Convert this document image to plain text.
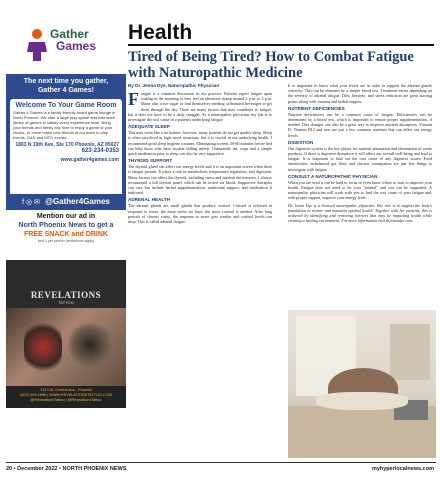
Gather
Games
The next time you gather,
Gather 4 Games!
Welcome To Your Game Room

Gather 4 Games is a family friendly board game lounge in North Phoenix. We offer a large play space and extensive library of games to satisfy every experience level. Bring your friends and family any time to enjoy a game of your choice, or come make new friends at our learn to play events, D&D and MTG events.

1803 N 19th Ave, Ste 170 Phoenix, AZ 85027
623-234-0353
www.gather4games.com
f ◎ ✉ @Gather4Games
Mention our ad in
North Phoenix News to get a
FREE SNACK and DRINK
limit 1 per person (restrictions apply)
REVELATIONS
TATTOO
1213 W. Central Ave., Phoenix
(602) 909-1896 | WWW.REVELATIONSTATTOO.COM
@RevelationsTattoo | @RevelationsTattoo
Health
Tired of Being Tired? How to Combat Fatigue with Naturopathic Medicine
By Dr. Jenna Dye, Naturopathic Physician

Fatigue is a common discussion in my practice. Patients report fatigue upon waking in the morning or they feel an afternoon slump around 2 p.m. to 4 p.m. Many also crave sugar or find themselves needing caffeinated beverages to get them through the day. There are many factors that may contribute to fatigue, but it does not have to be a daily struggle. As a naturopathic physician, my job is to investigate the root cause of a patient's underlying fatigue.

ADEQUATE SLEEP

This may seem like a no brainer; however, many patients do not get quality sleep. Sleep is often sacrificed in high stress situations, but it is crucial in our underlying health. I recommend good sleep hygiene routines. Eliminating screens 30-60 minutes before bed can help those who have trouble falling asleep. Chamomile tea, yoga and a simple quick meditation prior to sleep can also be very supportive.

THYROID SUPPORT

The thyroid gland can affect our energy levels and it is an important screen when there is fatigue present. It plays a role in metabolism, temperature regulation, and digestion. Many factors can affect the thyroid, including stress and nutrient deficiencies. I always recommend a full thyroid panel, which can be tested via blood. Supportive therapies can vary but include herbal supplementation, nutritional support, and medication if indicated.

ADRENAL HEALTH

The adrenal glands are small glands that produce cortisol. Cortisol is released in response to stress; the more stress we have, the more cortisol is needed. After long periods of chronic stress, the response to stress gets weaker and cortisol levels can drop. This is called adrenal fatigue.

It is important to know what your levels are in order to support the adrenal glands correctly. This can be obtained by a simple blood test. Treatment varies depending on the severity of adrenal fatigue. Diet, lifestyle, and stress reduction are great starting points along with vitamin and herbal support.

NUTRIENT DEFICIENCIES

Nutrient deficiencies can be a common cause of fatigue. Deficiencies can be determined by a blood test, which is important to ensure proper supplementation, if needed. Diet changes can also be a great way to improve nutrient absorption. Vitamin D, Vitamin B12 and iron are just a few common nutrients that can affect our energy levels.

DIGESTION

Our digestive system is the key player for nutrient absorption and elimination of waste products. If there is digestive disruption it will affect our overall well-being and lead to fatigue. It is important to find out the root cause of any digestive issues. Food sensitivities, imbalanced gut flora, and chronic constipation are just few things to investigate with fatigue.

CONSULT A NATUROPATHIC PHYSICIAN

When you are tired it can be hard to focus or even know where to start to improve your health. Fatigue does not need to be your "normal" and you can be supported. A naturopathic physician will work with you to find the root cause of your fatigue and, with proper support, improve your energy level.

Dr. Jenna Dye is a licensed naturopathic physician. Her role is to support the body's foundation to restore and maintain optimal health. Together with her patients, this is achieved by identifying and removing barriers that may be impacting health while creating a healing environment. For more information visit drjennadye.com.

20 • December 2022 • NORTH PHOENIX NEWS	myhyperlocalnews.com
